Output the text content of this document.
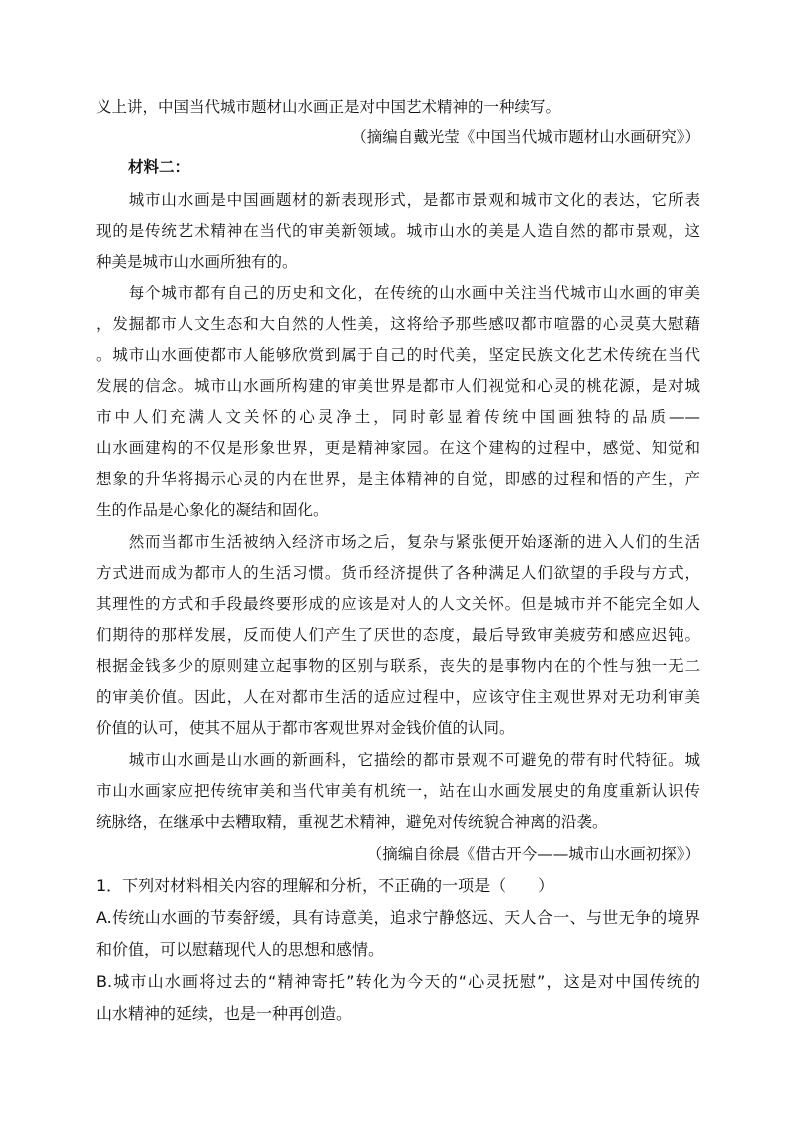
义上讲，中国当代城市题材山水画正是对中国艺术精神的一种续写。

（摘编自戴光莹《中国当代城市题材山水画研究》）

材料二：

　　城市山水画是中国画题材的新表现形式，是都市景观和城市文化的表达，它所表

现的是传统艺术精神在当代的审美新领域。城市山水的美是人造自然的都市景观，这

种美是城市山水画所独有的。

　　每个城市都有自己的历史和文化，在传统的山水画中关注当代城市山水画的审美

，发掘都市人文生态和大自然的人性美，这将给予那些感叹都市喧嚣的心灵莫大慰藉

。城市山水画使都市人能够欣赏到属于自己的时代美，坚定民族文化艺术传统在当代

发展的信念。城市山水画所构建的审美世界是都市人们视觉和心灵的桃花源，是对城

市中人们充满人文关怀的心灵净土，同时彰显着传统中国画独特的品质——

山水画建构的不仅是形象世界，更是精神家园。在这个建构的过程中，感觉、知觉和

想象的升华将揭示心灵的内在世界，是主体精神的自觉，即感的过程和悟的产生，产

生的作品是心象化的凝结和固化。

　　然而当都市生活被纳入经济市场之后，复杂与紧张便开始逐渐的进入人们的生活

方式进而成为都市人的生活习惯。货币经济提供了各种满足人们欲望的手段与方式，

其理性的方式和手段最终要形成的应该是对人的人文关怀。但是城市并不能完全如人

们期待的那样发展，反而使人们产生了厌世的态度，最后导致审美疲劳和感应迟钝。

根据金钱多少的原则建立起事物的区别与联系，丧失的是事物内在的个性与独一无二

的审美价值。因此，人在对都市生活的适应过程中，应该守住主观世界对无功利审美

价值的认可，使其不屈从于都市客观世界对金钱价值的认同。

　　城市山水画是山水画的新画科，它描绘的都市景观不可避免的带有时代特征。城

市山水画家应把传统审美和当代审美有机统一，站在山水画发展史的角度重新认识传

统脉络，在继承中去糟取精，重视艺术精神，避免对传统貌合神离的沿袭。

（摘编自徐晨《借古开今——城市山水画初探》）

1．下列对材料相关内容的理解和分析，不正确的一项是（　　）

A.传统山水画的节奏舒缓，具有诗意美，追求宁静悠远、天人合一、与世无争的境界

和价值，可以慰藉现代人的思想和感情。

B.城市山水画将过去的“精神寄托”转化为今天的“心灵抚慰”，这是对中国传统的

山水精神的延续，也是一种再创造。
